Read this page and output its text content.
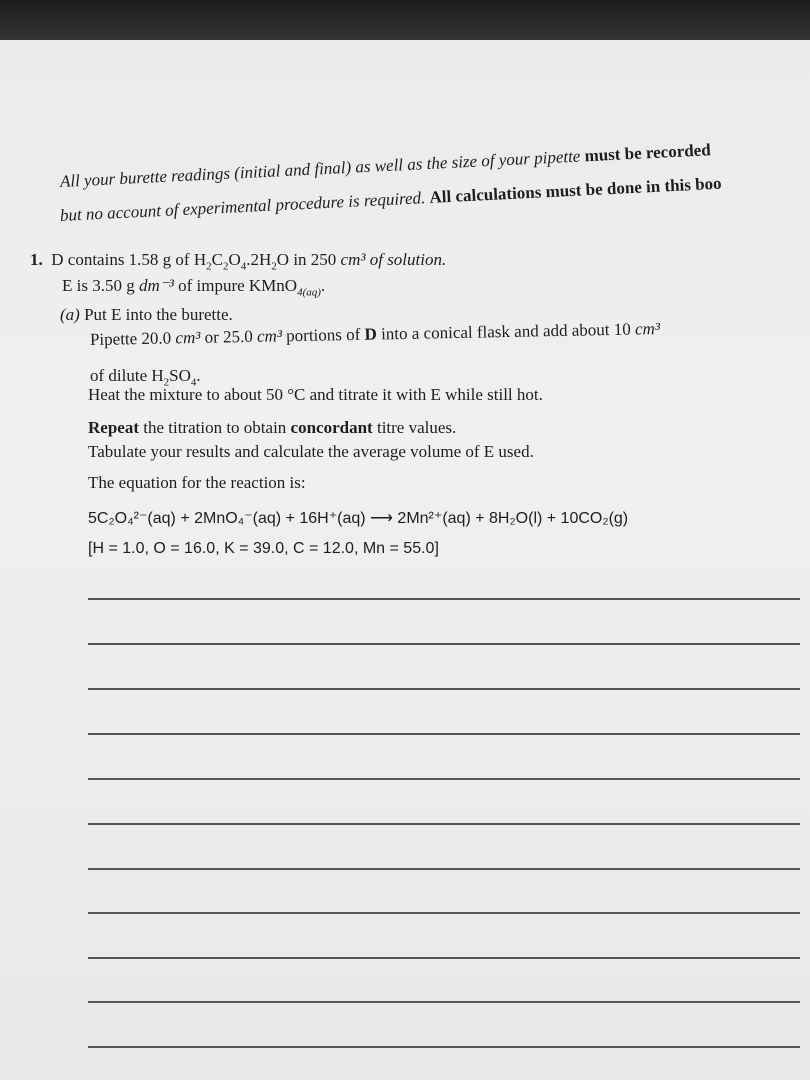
All your burette readings (initial and final) as well as the size of your pipette must be recorded
but no account of experimental procedure is required. All calculations must be done in this boo
1. D contains 1.58 g of $H_2C_2O_4.2H_2O$ in 250 cm³ of solution.
E is 3.50 g dm⁻³ of impure KMnO$_{4(aq)}$.
(a) Put E into the burette.
Pipette 20.0 cm³ or 25.0 cm³ portions of D into a conical flask and add about 10 cm³
of dilute $H_2SO_4$.
Heat the mixture to about 50 °C and titrate it with E while still hot.
Repeat the titration to obtain concordant titre values.
Tabulate your results and calculate the average volume of E used.
The equation for the reaction is:
5C₂O₄²⁻(aq) + 2MnO₄⁻(aq) + 16H⁺(aq) ⟶ 2Mn²⁺(aq) + 8H₂O(l) + 10CO₂(g)
[H = 1.0, O = 16.0, K = 39.0, C = 12.0, Mn = 55.0]
